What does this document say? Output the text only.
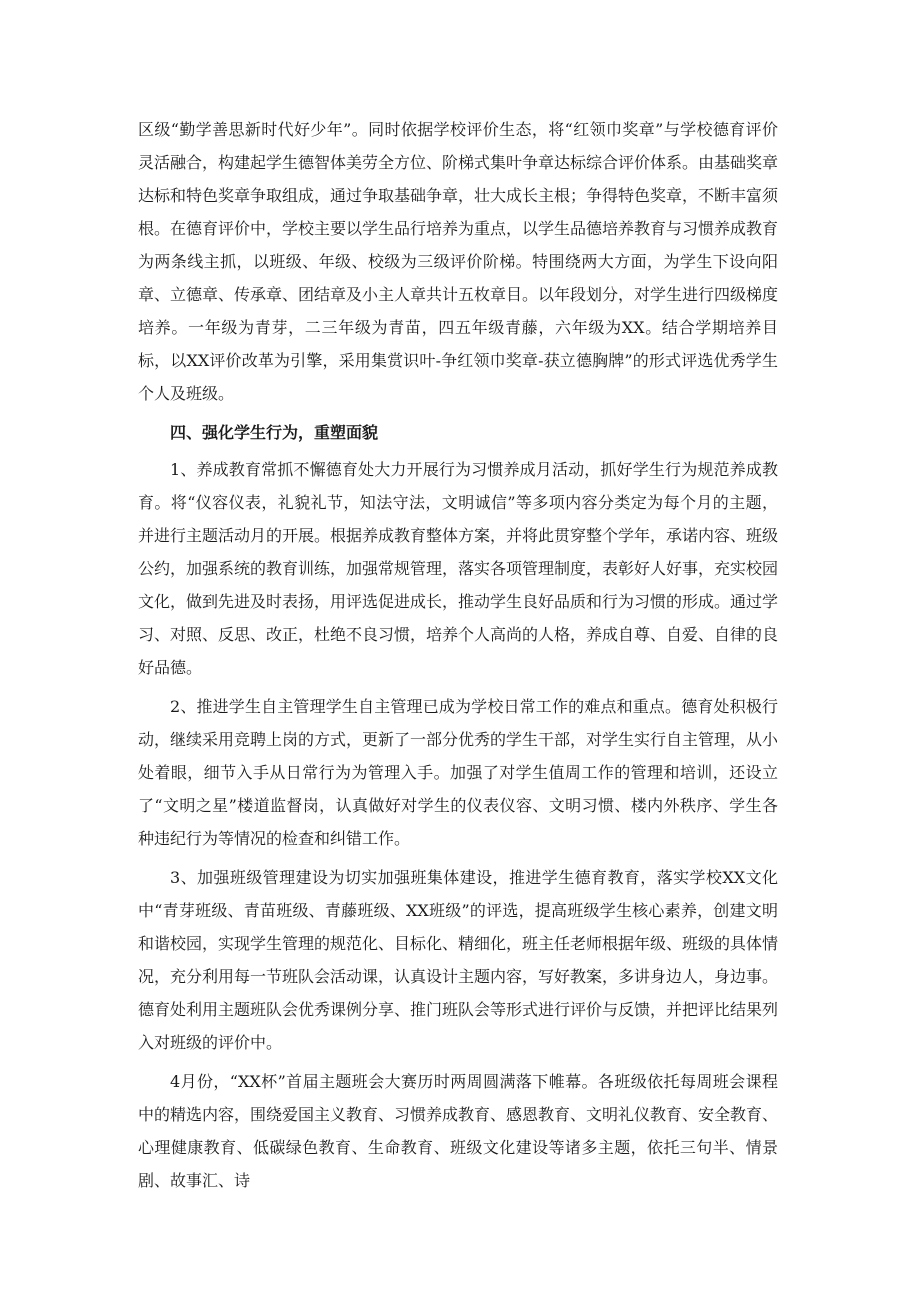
区级“勤学善思新时代好少年”。同时依据学校评价生态，将“红领巾奖章”与学校德育评价灵活融合，构建起学生德智体美劳全方位、阶梯式集叶争章达标综合评价体系。由基础奖章达标和特色奖章争取组成，通过争取基础争章，壮大成长主根；争得特色奖章，不断丰富须根。在德育评价中，学校主要以学生品行培养为重点，以学生品德培养教育与习惯养成教育为两条线主抓，以班级、年级、校级为三级评价阶梯。特围绕两大方面，为学生下设向阳章、立德章、传承章、团结章及小主人章共计五枚章目。以年段划分，对学生进行四级梯度培养。一年级为青芽，二三年级为青苗，四五年级青藤，六年级为XX。结合学期培养目标，以XX评价改革为引擎，采用集赏识叶-争红领巾奖章-获立德胸牌”的形式评选优秀学生个人及班级。

四、强化学生行为，重塑面貌

1、养成教育常抓不懈德育处大力开展行为习惯养成月活动，抓好学生行为规范养成教育。将“仪容仪表，礼貌礼节，知法守法，文明诚信”等多项内容分类定为每个月的主题，并进行主题活动月的开展。根据养成教育整体方案，并将此贯穿整个学年，承诺内容、班级公约，加强系统的教育训练，加强常规管理，落实各项管理制度，表彰好人好事，充实校园文化，做到先进及时表扬，用评选促进成长，推动学生良好品质和行为习惯的形成。通过学习、对照、反思、改正，杜绝不良习惯，培养个人高尚的人格，养成自尊、自爱、自律的良好品德。

2、推进学生自主管理学生自主管理已成为学校日常工作的难点和重点。德育处积极行动，继续采用竞聘上岗的方式，更新了一部分优秀的学生干部，对学生实行自主管理，从小处着眼，细节入手从日常行为为管理入手。加强了对学生值周工作的管理和培训，还设立了“文明之星”楼道监督岗，认真做好对学生的仪表仪容、文明习惯、楼内外秩序、学生各种违纪行为等情况的检查和纠错工作。

3、加强班级管理建设为切实加强班集体建设，推进学生德育教育，落实学校XX文化中“青芽班级、青苗班级、青藤班级、XX班级”的评选，提高班级学生核心素养，创建文明和谐校园，实现学生管理的规范化、目标化、精细化，班主任老师根据年级、班级的具体情况，充分利用每一节班队会活动课，认真设计主题内容，写好教案，多讲身边人，身边事。德育处利用主题班队会优秀课例分享、推门班队会等形式进行评价与反馈，并把评比结果列入对班级的评价中。

4月份，“XX杯”首届主题班会大赛历时两周圆满落下帷幕。各班级依托每周班会课程中的精选内容，围绕爱国主义教育、习惯养成教育、感恩教育、文明礼仪教育、安全教育、心理健康教育、低碳绿色教育、生命教育、班级文化建设等诸多主题，依托三句半、情景剧、故事汇、诗
